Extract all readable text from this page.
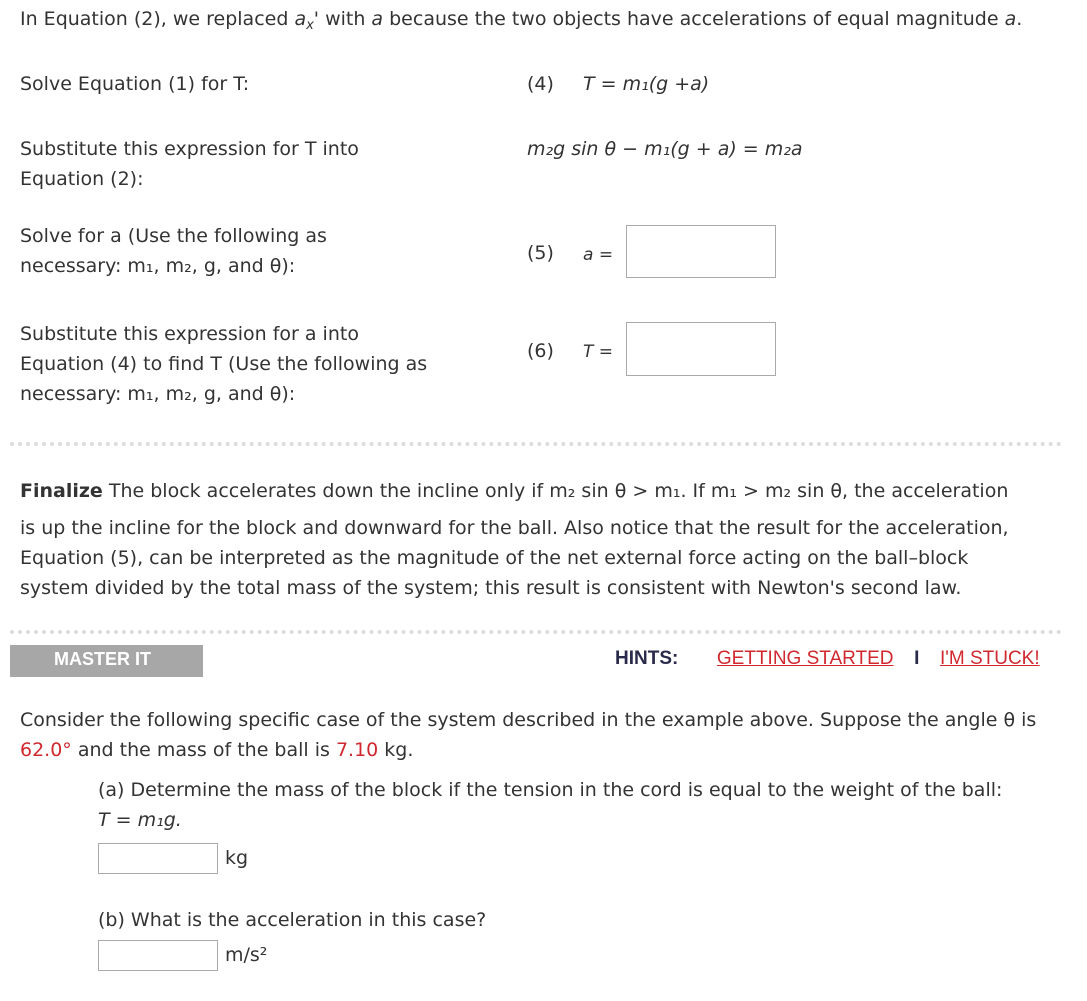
In Equation (2), we replaced $a_x'$ with a because the two objects have accelerations of equal magnitude a.
Solve Equation (1) for T:	(4) T = m₁(g +a)
Substitute this expression for T into
Equation (2):
m₂g sin θ − m₁(g + a) = m₂a
Solve for a (Use the following as
necessary: m₁, m₂, g, and θ):
(5) a =
Substitute this expression for a into
Equation (4) to find T (Use the following as
necessary: m₁, m₂, g, and θ):
(6) T =
Finalize The block accelerates down the incline only if m₂ sin θ > m₁. If m₁ > m₂ sin θ, the acceleration
is up the incline for the block and downward for the ball. Also notice that the result for the acceleration,
Equation (5), can be interpreted as the magnitude of the net external force acting on the ball–block
system divided by the total mass of the system; this result is consistent with Newton's second law.
MASTER IT	HINTS: GETTING STARTED I I'M STUCK!
Consider the following specific case of the system described in the example above. Suppose the angle θ is
62.0° and the mass of the ball is 7.10 kg.
(a) Determine the mass of the block if the tension in the cord is equal to the weight of the ball:
T = m₁g.
kg
(b) What is the acceleration in this case?
m/s²
